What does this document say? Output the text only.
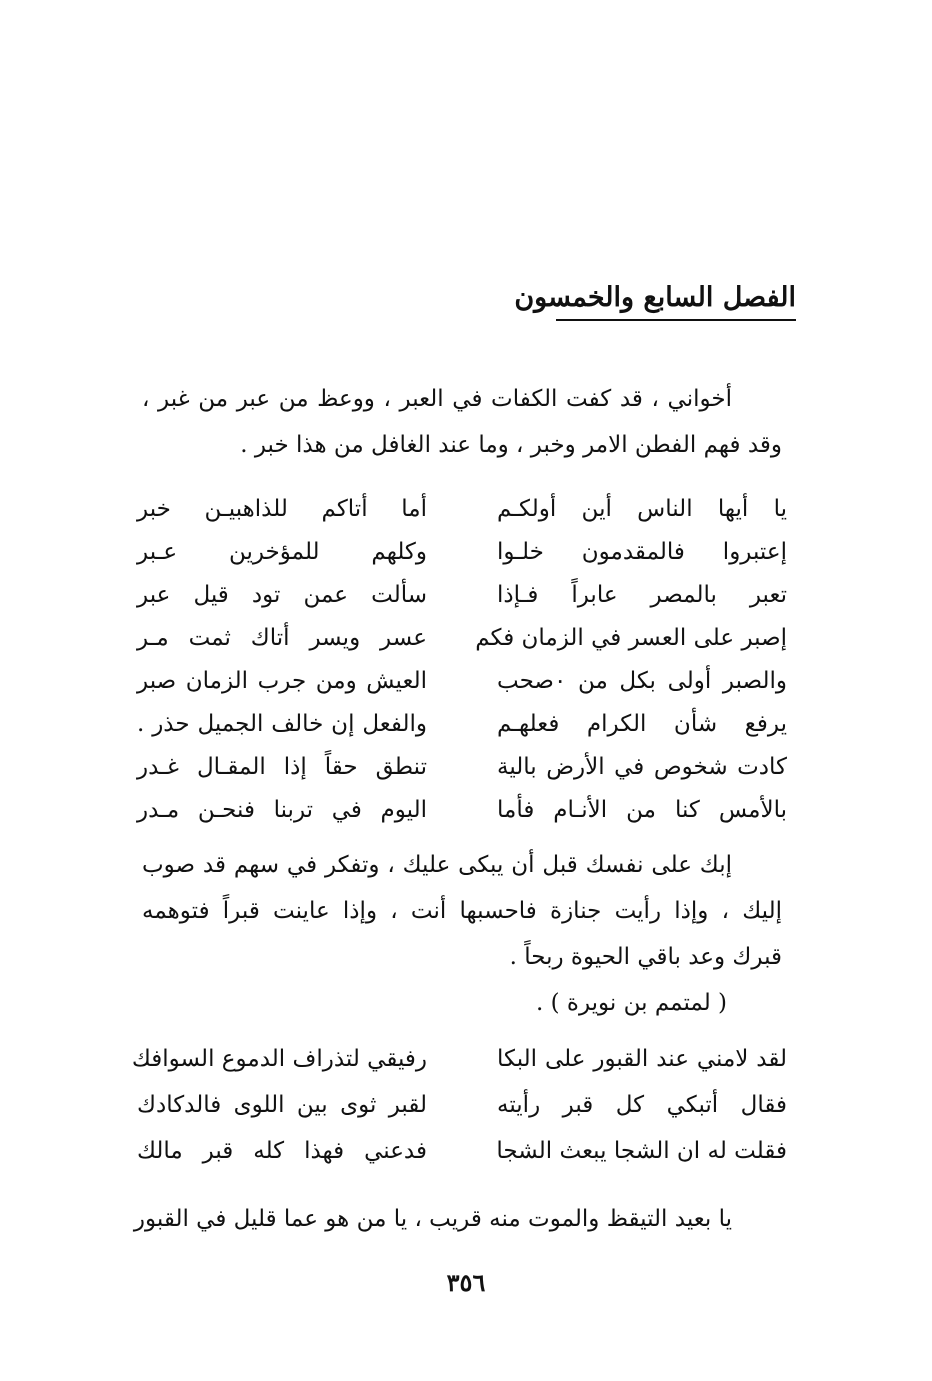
الفصل السابع والخمسون
أخواني ، قد كفت الكفات في العبر ، ووعظ من عبر من غبر ،
وقد فهم الفطن الامر وخبر ، وما عند الغافل من هذا خبر .
يا أيها الناس أين أولكـم
أما أتاكم للذاهبيـن خبر
إعتبروا فالمقدمون خلـوا
وكلهم للمؤخرين عـبر
تعبر بالمصر عابراً فـإذا
سألت عمن تود قيل عبر
إصبر على العسر في الزمان فكم
عسر ويسر أتاك ثمت مـر
والصبر أولى بكل من ٠صحب
العيش ومن جرب الزمان صبر
يرفع شأن الكرام فعلهـم
والفعل إن خالف الجميل حذر .
كادت شخوص في الأرض بالية
تنطق حقاً إذا المقـال غـدر
بالأمس كنا من الأنـام فأما
اليوم في تربنا فنحـن مـدر
إبك على نفسك قبل أن يبكى عليك ، وتفكر في سهم قد صوب
إليك ، وإذا رأيت جنازة فاحسبها أنت ، وإذا عاينت قبراً فتوهمه
قبرك وعد باقي الحيوة ربحاً .
( لمتمم بن نويرة ) .
لقد لامني عند القبور على البكا
رفيقي لتذراف الدموع السوافك
فقال أتبكي كل قبر رأيته
لقبر ثوى بين اللوى فالدكادك
فقلت له ان الشجا يبعث الشجا
فدعني فهذا كله قبر مالك
يا بعيد التيقظ والموت منه قريب ، يا من هو عما قليل في القبور
٣٥٦
